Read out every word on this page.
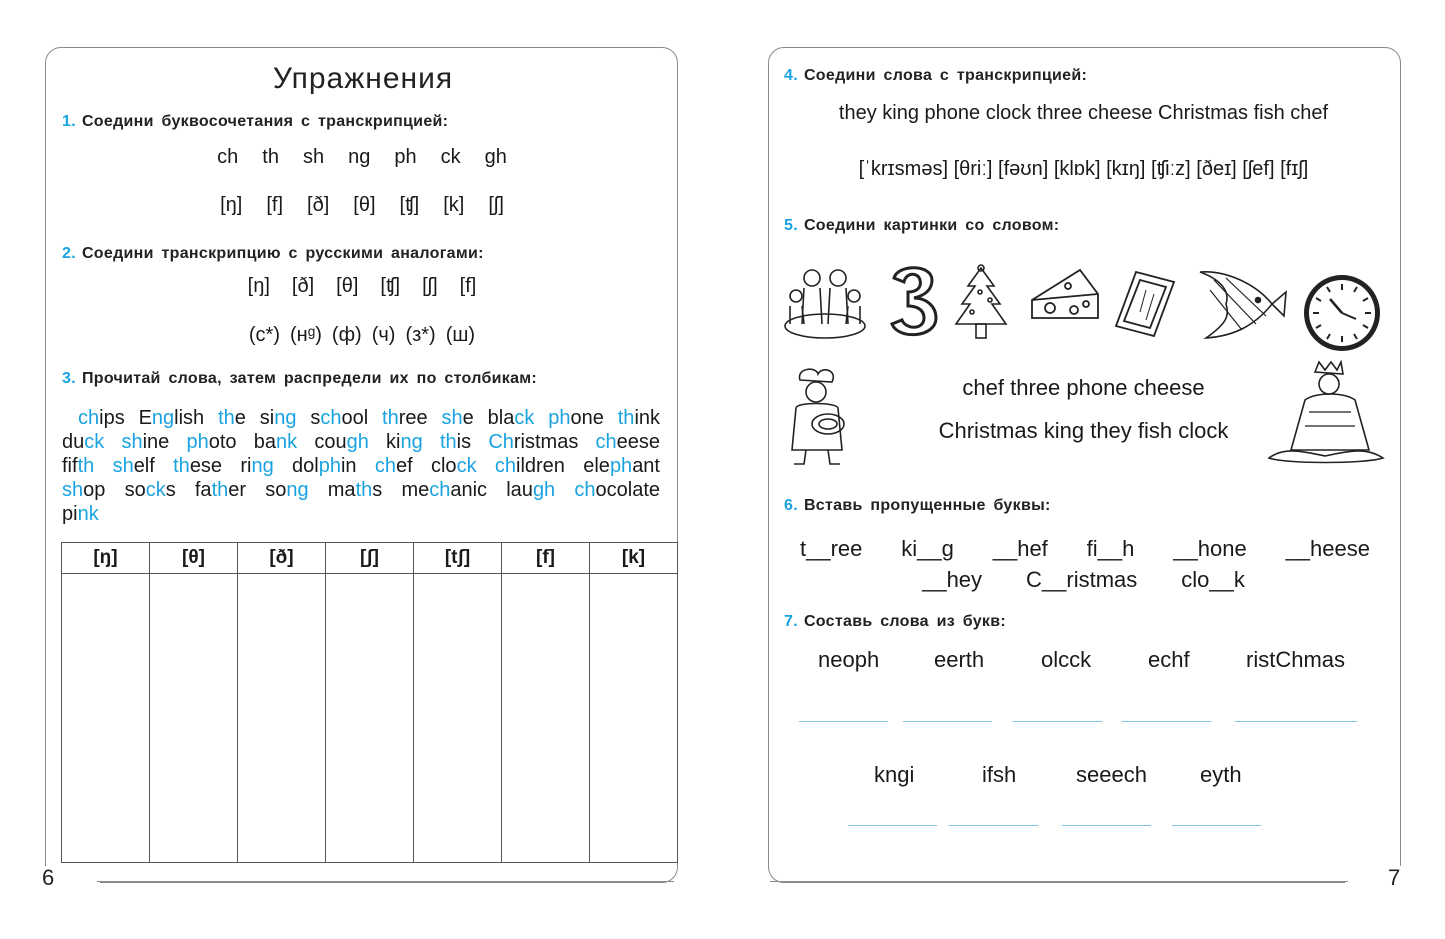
6
Упражнения
1. Соедини буквосочетания с транскрипцией:
ch th sh ng ph ck gh
[ŋ] [f] [ð] [θ] [ʧ] [k] [ʃ]
2. Соедини транскрипцию с русскими аналогами:
[ŋ] [ð] [θ] [ʧ] [ʃ] [f]
(с*) (нᶢ) (ф) (ч) (з*) (ш)
3. Прочитай слова, затем распредели их по столбикам:
chips English the sing school three she black phone think
duck shine photo bank cough king this Christmas cheese
fifth shelf these ring dolphin chef clock children elephant
shop socks father song maths mechanic laugh chocolate
pink
[ŋ]	[θ]	[ð]	[ʃ]	[tʃ]	[f]	[k]

7
4. Соедини слова с транскрипцией:
they king phone clock three cheese Christmas fish chef
[ˈkrɪsməs] [θriː] [fəʊn] [klɒk] [kɪŋ] [ʧiːz] [ðeɪ] [ʃef] [fɪʃ]
5. Соедини картинки со словом:
chef three phone cheese
Christmas king they fish clock
6. Вставь пропущенные буквы:
t__ree ki__g __hef fi__h __hone __heese
__hey C__ristmas clo__k
7. Составь слова из букв:
neoph eerth	olcck	echf	ristChmas
kngi	ifsh	seeech eyth
